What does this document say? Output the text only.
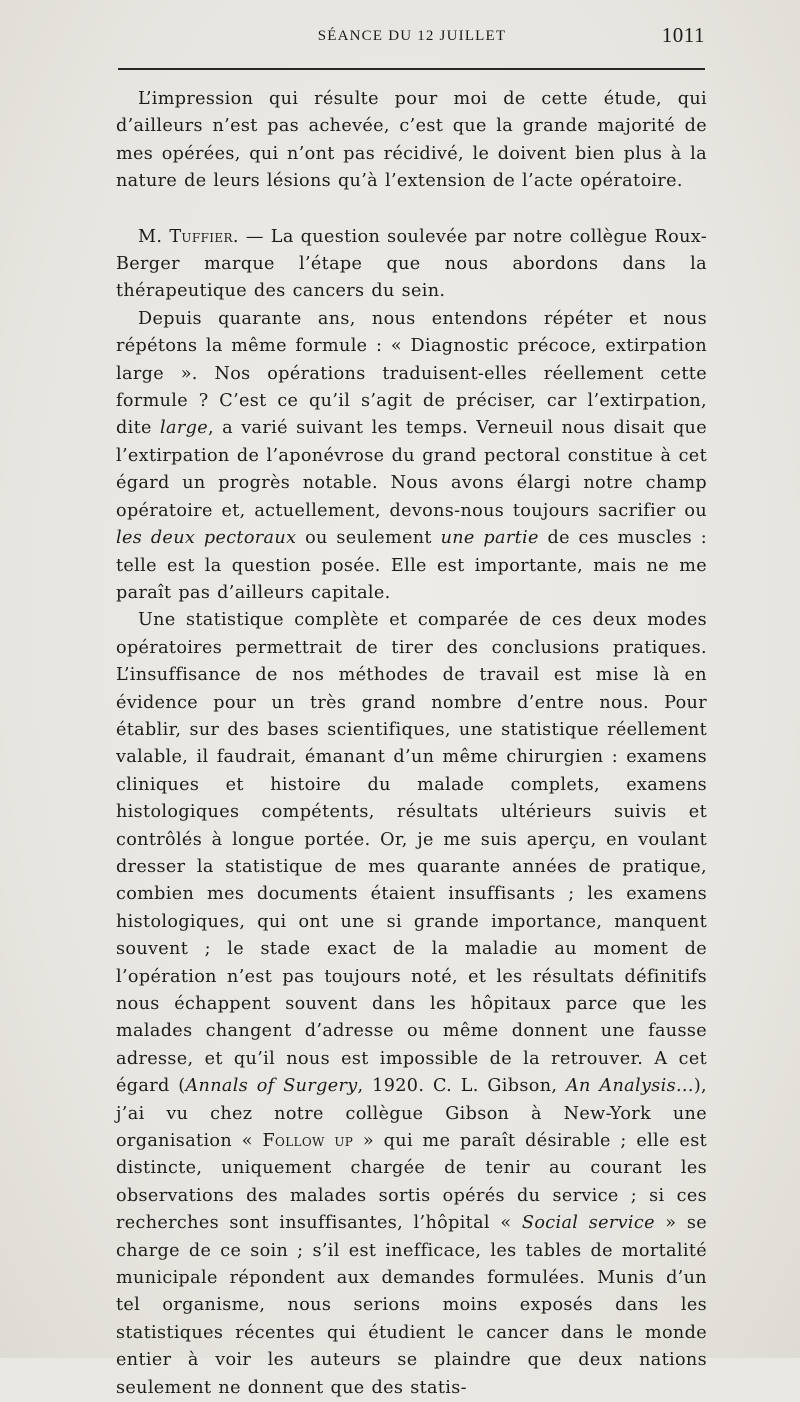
SÉANCE DU 12 JUILLET	1011

L’impression qui résulte pour moi de cette étude, qui d’ailleurs n’est pas achevée, c’est que la grande majorité de mes opérées, qui n’ont pas récidivé, le doivent bien plus à la nature de leurs lésions qu’à l’extension de l’acte opératoire.

M. Tuffier. — La question soulevée par notre collègue Roux-Berger marque l’étape que nous abordons dans la thérapeutique des cancers du sein.

Depuis quarante ans, nous entendons répéter et nous répétons la même formule : « Diagnostic précoce, extirpation large ». Nos opérations traduisent-elles réellement cette formule ? C’est ce qu’il s’agit de préciser, car l’extirpation, dite large, a varié suivant les temps. Verneuil nous disait que l’extirpation de l’aponévrose du grand pectoral constitue à cet égard un progrès notable. Nous avons élargi notre champ opératoire et, actuellement, devons-nous toujours sacrifier ou les deux pectoraux ou seulement une partie de ces muscles : telle est la question posée. Elle est importante, mais ne me paraît pas d’ailleurs capitale.

Une statistique complète et comparée de ces deux modes opératoires permettrait de tirer des conclusions pratiques. L’insuffisance de nos méthodes de travail est mise là en évidence pour un très grand nombre d’entre nous. Pour établir, sur des bases scientifiques, une statistique réellement valable, il faudrait, émanant d’un même chirurgien : examens cliniques et histoire du malade complets, examens histologiques compétents, résultats ultérieurs suivis et contrôlés à longue portée. Or, je me suis aperçu, en voulant dresser la statistique de mes quarante années de pratique, combien mes documents étaient insuffisants ; les examens histologiques, qui ont une si grande importance, manquent souvent ; le stade exact de la maladie au moment de l’opération n’est pas toujours noté, et les résultats définitifs nous échappent souvent dans les hôpitaux parce que les malades changent d’adresse ou même donnent une fausse adresse, et qu’il nous est impossible de la retrouver. A cet égard (Annals of Surgery, 1920. C. L. Gibson, An Analysis...), j’ai vu chez notre collègue Gibson à New-York une organisation « Follow up » qui me paraît désirable ; elle est distincte, uniquement chargée de tenir au courant les observations des malades sortis opérés du service ; si ces recherches sont insuffisantes, l’hôpital « Social service » se charge de ce soin ; s’il est inefficace, les tables de mortalité municipale répondent aux demandes formulées. Munis d’un tel organisme, nous serions moins exposés dans les statistiques récentes qui étudient le cancer dans le monde entier à voir les auteurs se plaindre que deux nations seulement ne donnent que des statis-
